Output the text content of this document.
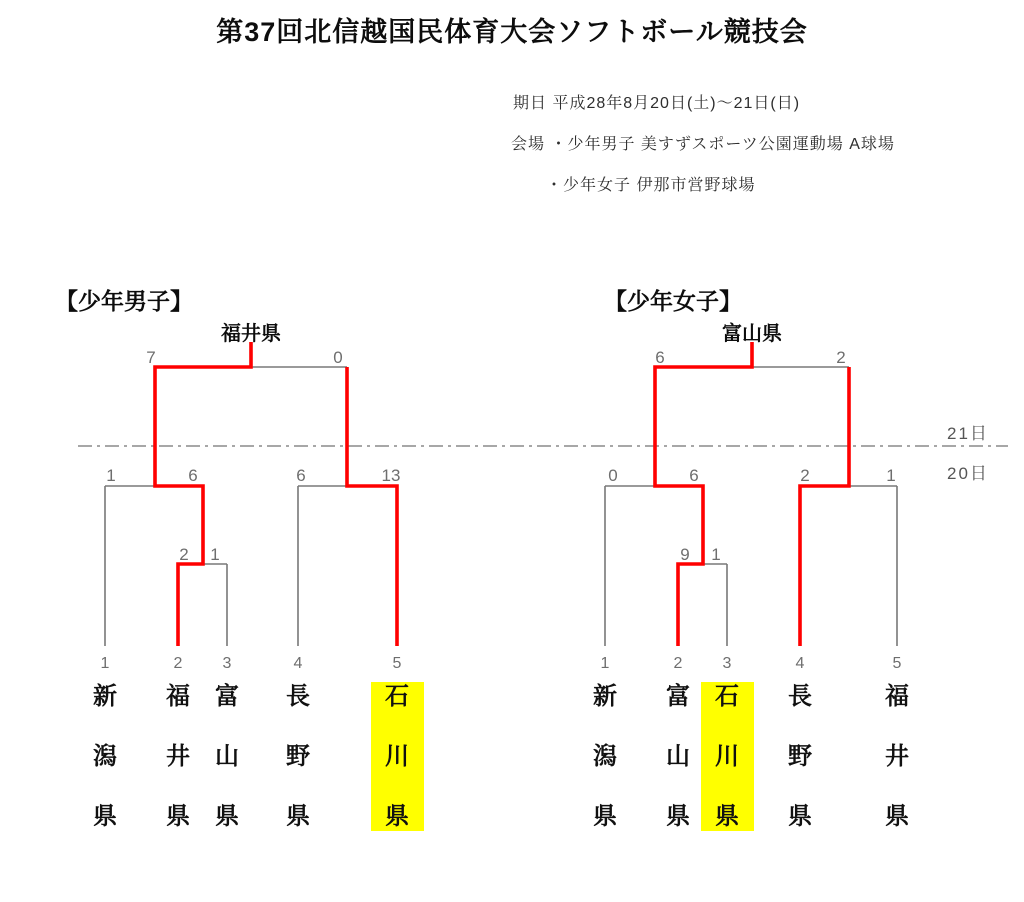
第37回北信越国民体育大会ソフトボール競技会
期日 平成28年8月20日(土)～21日(日)
会場 ・少年男子 美すずスポーツ公園運動場 A球場
・少年女子 伊那市営野球場
21日
20日
【少年男子】
福井県
7	0
1	6	6	13
2	1
1	2	3	4	5
新潟県
福井県
富山県
長野県
石川県
【少年女子】
富山県
6	2
0	6	2	1
9	1
1	2	3	4	5
新潟県
富山県
石川県
長野県
福井県
